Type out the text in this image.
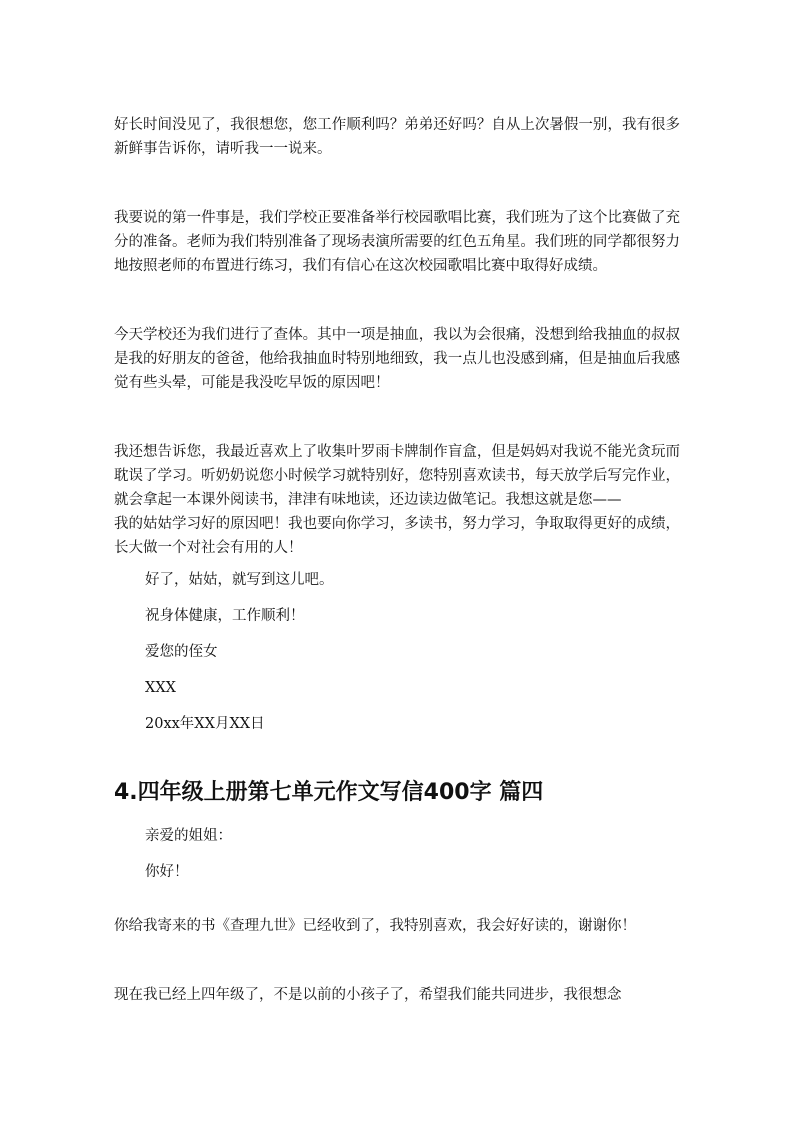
好长时间没见了，我很想您，您工作顺利吗？弟弟还好吗？自从上次暑假一别，我有很多新鲜事告诉你，请听我一一说来。

我要说的第一件事是，我们学校正要准备举行校园歌唱比赛，我们班为了这个比赛做了充分的准备。老师为我们特别准备了现场表演所需要的红色五角星。我们班的同学都很努力地按照老师的布置进行练习，我们有信心在这次校园歌唱比赛中取得好成绩。

今天学校还为我们进行了查体。其中一项是抽血，我以为会很痛，没想到给我抽血的叔叔是我的好朋友的爸爸，他给我抽血时特别地细致，我一点儿也没感到痛，但是抽血后我感觉有些头晕，可能是我没吃早饭的原因吧！

我还想告诉您，我最近喜欢上了收集叶罗雨卡牌制作盲盒，但是妈妈对我说不能光贪玩而耽误了学习。听奶奶说您小时候学习就特别好，您特别喜欢读书，每天放学后写完作业，就会拿起一本课外阅读书，津津有味地读，还边读边做笔记。我想这就是您——

我的姑姑学习好的原因吧！我也要向你学习，多读书，努力学习，争取取得更好的成绩，长大做一个对社会有用的人！

好了，姑姑，就写到这儿吧。

祝身体健康，工作顺利！

爱您的侄女

XXX

20xx年XX月XX日

4.四年级上册第七单元作文写信400字 篇四

亲爱的姐姐：

你好！

你给我寄来的书《查理九世》已经收到了，我特别喜欢，我会好好读的，谢谢你！

现在我已经上四年级了，不是以前的小孩子了，希望我们能共同进步，我很想念
